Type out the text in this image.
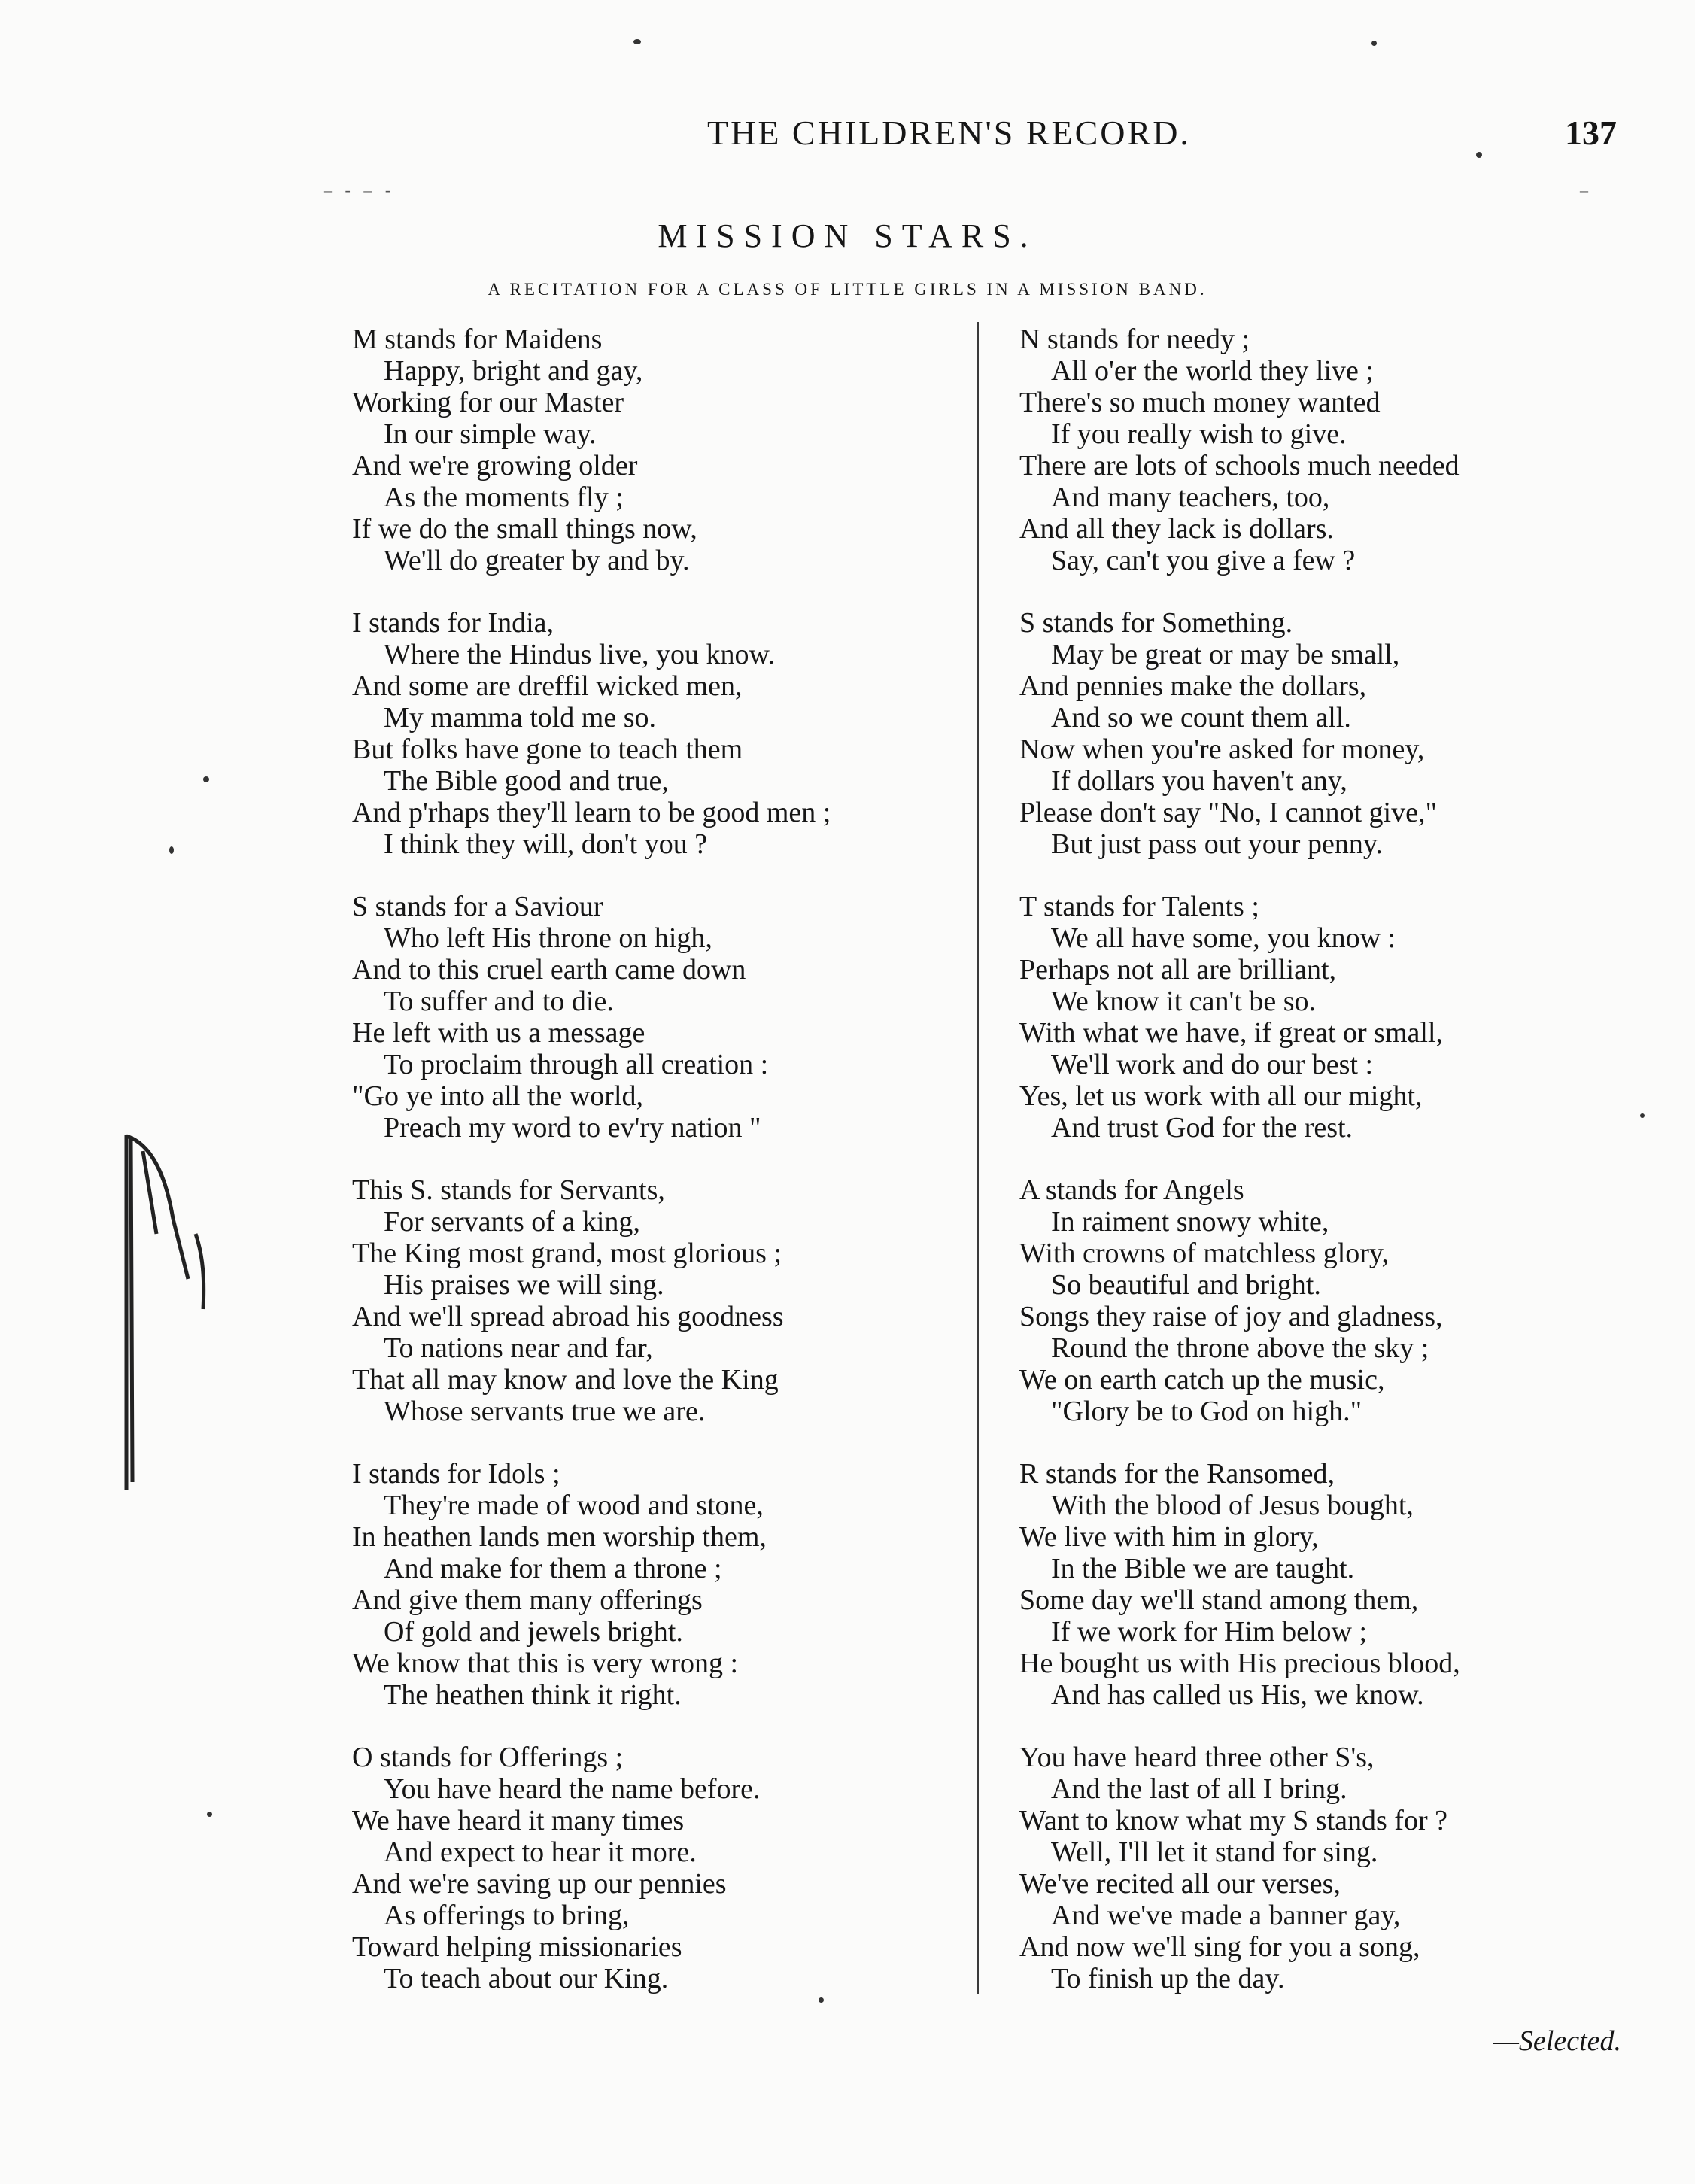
THE CHILDREN'S RECORD.	137
– - – -	–
MISSION STARS.
A RECITATION FOR A CLASS OF LITTLE GIRLS IN A MISSION BAND.
M stands for Maidens
Happy, bright and gay,
Working for our Master
In our simple way.
And we're growing older
As the moments fly ;
If we do the small things now,
We'll do greater by and by.
I stands for India,
Where the Hindus live, you know.
And some are dreffil wicked men,
My mamma told me so.
But folks have gone to teach them
The Bible good and true,
And p'rhaps they'll learn to be good men ;
I think they will, don't you ?
S stands for a Saviour
Who left His throne on high,
And to this cruel earth came down
To suffer and to die.
He left with us a message
To proclaim through all creation :
"Go ye into all the world,
Preach my word to ev'ry nation "
This S. stands for Servants,
For servants of a king,
The King most grand, most glorious ;
His praises we will sing.
And we'll spread abroad his goodness
To nations near and far,
That all may know and love the King
Whose servants true we are.
I stands for Idols ;
They're made of wood and stone,
In heathen lands men worship them,
And make for them a throne ;
And give them many offerings
Of gold and jewels bright.
We know that this is very wrong :
The heathen think it right.
O stands for Offerings ;
You have heard the name before.
We have heard it many times
And expect to hear it more.
And we're saving up our pennies
As offerings to bring,
Toward helping missionaries
To teach about our King.
N stands for needy ;
All o'er the world they live ;
There's so much money wanted
If you really wish to give.
There are lots of schools much needed
And many teachers, too,
And all they lack is dollars.
Say, can't you give a few ?
S stands for Something.
May be great or may be small,
And pennies make the dollars,
And so we count them all.
Now when you're asked for money,
If dollars you haven't any,
Please don't say "No, I cannot give,"
But just pass out your penny.
T stands for Talents ;
We all have some, you know :
Perhaps not all are brilliant,
We know it can't be so.
With what we have, if great or small,
We'll work and do our best :
Yes, let us work with all our might,
And trust God for the rest.
A stands for Angels
In raiment snowy white,
With crowns of matchless glory,
So beautiful and bright.
Songs they raise of joy and gladness,
Round the throne above the sky ;
We on earth catch up the music,
"Glory be to God on high."
R stands for the Ransomed,
With the blood of Jesus bought,
We live with him in glory,
In the Bible we are taught.
Some day we'll stand among them,
If we work for Him below ;
He bought us with His precious blood,
And has called us His, we know.
You have heard three other S's,
And the last of all I bring.
Want to know what my S stands for ?
Well, I'll let it stand for sing.
We've recited all our verses,
And we've made a banner gay,
And now we'll sing for you a song,
To finish up the day.
—Selected.
